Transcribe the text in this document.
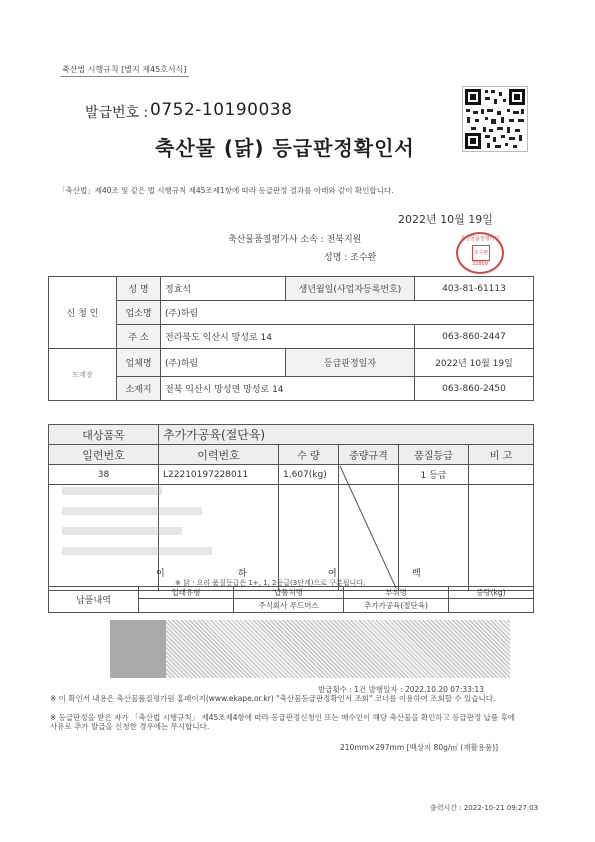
축산법 시행규칙 [별지 제45호서식]
발급번호 : 0752-10190038
축산물 (닭) 등급판정확인서
「축산법」제40조 및 같은 법 시행규칙 제45조제1항에 따라 등급판정 결과를 아래와 같이 확인합니다.
2022년 10월 19일
축산물품질평가사 소속 : 전북지원
성명 : 조수완
축산물품질평가원
조수완
32809
신 청 인	성 명	정효석	생년월일(사업자등록번호)	403-81-61113
	업소명	(주)하림		
	주 소	전라북도 익산시 망성로 14		063-860-2447
도계장	업체명	(주)하림	등급판정일자	2022년 10월 19일
	소재지	전북 익산시 망성면 망성로 14		063-860-2450
대상품목	추가가공육(절단육)				
일련번호	이력번호	수 량	중량규격	품질등급	비 고
38	L22210197228011	1,607(kg)		1 등급	

이	하	여	백
※ 닭ㆍ오리 품질등급은 1+, 1, 2등급(3단계)으로 구분됩니다.
납품내역	업태유형	납품처명	부위명	중량(kg)
		주식회사 푸드머스	추가가공육(절단육)	
발급횟수 : 1건 발행일자 : 2022.10.20 07:33:13
※ 이 확인서 내용은 축산물품질평가원 홈페이지(www.ekape.or.kr) "축산물등급판정확인서 조회" 코너를 이용하여 조회할 수 있습니다.
※ 등급판정을 받은 자가 「축산법 시행규칙」 제45조제4항에 따라 등급판정신청인 또는 매수인이 해당 축산물을 확인하고 등급판정 납품 후에 사유로 추가 발급을 신청한 경우에는 무시합니다.
210mm×297mm [백상지 80g/㎡ (재활용품)]
출력시간 : 2022-10-21 09:27:03
